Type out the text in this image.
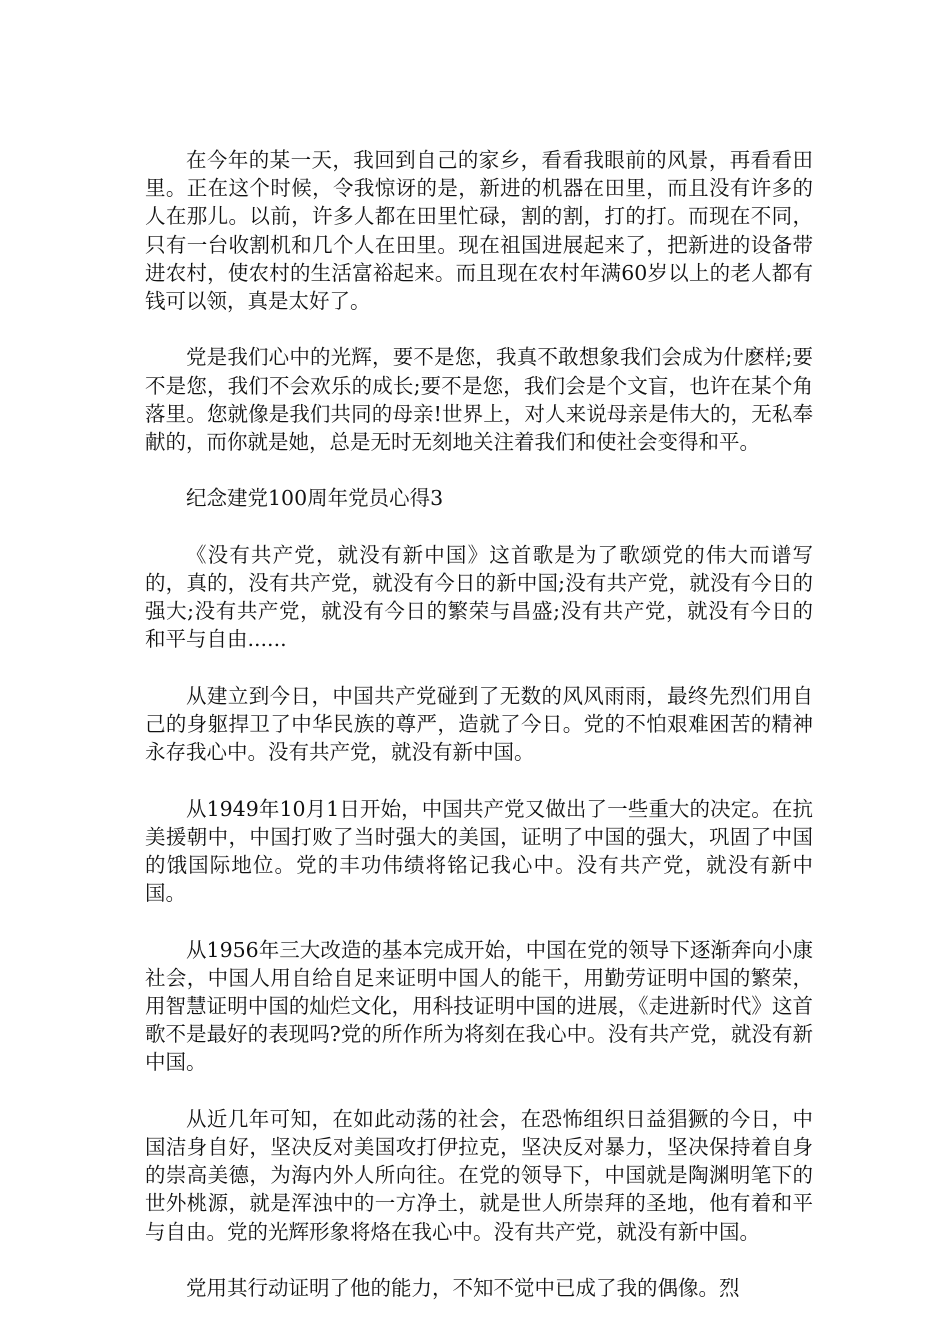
在今年的某一天，我回到自己的家乡，看看我眼前的风景，再看看田里。正在这个时候，令我惊讶的是，新进的机器在田里，而且没有许多的人在那儿。以前，许多人都在田里忙碌，割的割，打的打。而现在不同，只有一台收割机和几个人在田里。现在祖国进展起来了，把新进的设备带进农村，使农村的生活富裕起来。而且现在农村年满60岁以上的老人都有钱可以领，真是太好了。

党是我们心中的光辉，要不是您，我真不敢想象我们会成为什麽样;要不是您，我们不会欢乐的成长;要不是您，我们会是个文盲，也许在某个角落里。您就像是我们共同的母亲!世界上，对人来说母亲是伟大的，无私奉献的，而你就是她，总是无时无刻地关注着我们和使社会变得和平。

纪念建党100周年党员心得3

《没有共产党，就没有新中国》这首歌是为了歌颂党的伟大而谱写的，真的，没有共产党，就没有今日的新中国;没有共产党，就没有今日的强大;没有共产党，就没有今日的繁荣与昌盛;没有共产党，就没有今日的和平与自由......

从建立到今日，中国共产党碰到了无数的风风雨雨，最终先烈们用自己的身躯捍卫了中华民族的尊严，造就了今日。党的不怕艰难困苦的精神永存我心中。没有共产党，就没有新中国。

从1949年10月1日开始，中国共产党又做出了一些重大的决定。在抗美援朝中，中国打败了当时强大的美国，证明了中国的强大，巩固了中国的饿国际地位。党的丰功伟绩将铭记我心中。没有共产党，就没有新中国。

从1956年三大改造的基本完成开始，中国在党的领导下逐渐奔向小康社会，中国人用自给自足来证明中国人的能干，用勤劳证明中国的繁荣，用智慧证明中国的灿烂文化，用科技证明中国的进展，《走进新时代》这首歌不是最好的表现吗?党的所作所为将刻在我心中。没有共产党，就没有新中国。

从近几年可知，在如此动荡的社会，在恐怖组织日益猖獗的今日，中国洁身自好，坚决反对美国攻打伊拉克，坚决反对暴力，坚决保持着自身的崇高美德，为海内外人所向往。在党的领导下，中国就是陶渊明笔下的世外桃源，就是浑浊中的一方净土，就是世人所崇拜的圣地，他有着和平与自由。党的光辉形象将烙在我心中。没有共产党，就没有新中国。

党用其行动证明了他的能力，不知不觉中已成了我的偶像。烈
